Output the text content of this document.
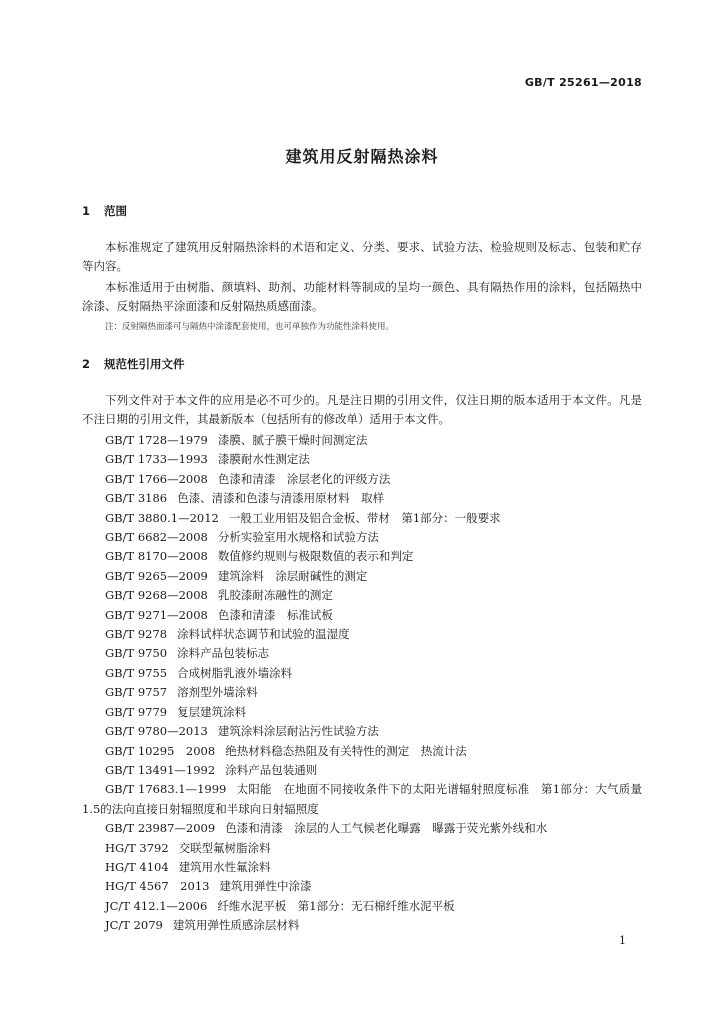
GB/T 25261—2018
建筑用反射隔热涂料
1 范围

本标准规定了建筑用反射隔热涂料的术语和定义、分类、要求、试验方法、检验规则及标志、包装和贮存等内容。

本标准适用于由树脂、颜填料、助剂、功能材料等制成的呈均一颜色、具有隔热作用的涂料，包括隔热中涂漆、反射隔热平涂面漆和反射隔热质感面漆。

注：反射隔热面漆可与隔热中涂漆配套使用，也可单独作为功能性涂料使用。
2 规范性引用文件

下列文件对于本文件的应用是必不可少的。凡是注日期的引用文件，仅注日期的版本适用于本文件。凡是不注日期的引用文件，其最新版本（包括所有的修改单）适用于本文件。

GB/T 1728—1979 漆膜、腻子膜干燥时间测定法
GB/T 1733—1993 漆膜耐水性测定法
GB/T 1766—2008 色漆和清漆　涂层老化的评级方法
GB/T 3186 色漆、清漆和色漆与清漆用原材料　取样
GB/T 3880.1—2012 一般工业用铝及铝合金板、带材　第1部分：一般要求
GB/T 6682—2008 分析实验室用水规格和试验方法
GB/T 8170—2008 数值修约规则与极限数值的表示和判定
GB/T 9265—2009 建筑涂料　涂层耐碱性的测定
GB/T 9268—2008 乳胶漆耐冻融性的测定
GB/T 9271—2008 色漆和清漆　标准试板
GB/T 9278 涂料试样状态调节和试验的温湿度
GB/T 9750 涂料产品包装标志
GB/T 9755 合成树脂乳液外墙涂料
GB/T 9757 溶剂型外墙涂料
GB/T 9779 复层建筑涂料
GB/T 9780—2013 建筑涂料涂层耐沾污性试验方法
GB/T 10295　2008 绝热材料稳态热阻及有关特性的测定　热流计法
GB/T 13491—1992 涂料产品包装通则
GB/T 17683.1—1999 太阳能　在地面不同接收条件下的太阳光谱辐射照度标准　第1部分：大气质量1.5的法向直接日射辐照度和半球向日射辐照度
GB/T 23987—2009 色漆和清漆　涂层的人工气候老化曝露　曝露于荧光紫外线和水
HG/T 3792 交联型氟树脂涂料
HG/T 4104 建筑用水性氟涂料
HG/T 4567　2013 建筑用弹性中涂漆
JC/T 412.1—2006 纤维水泥平板　第1部分：无石棉纤维水泥平板
JC/T 2079 建筑用弹性质感涂层材料
1
